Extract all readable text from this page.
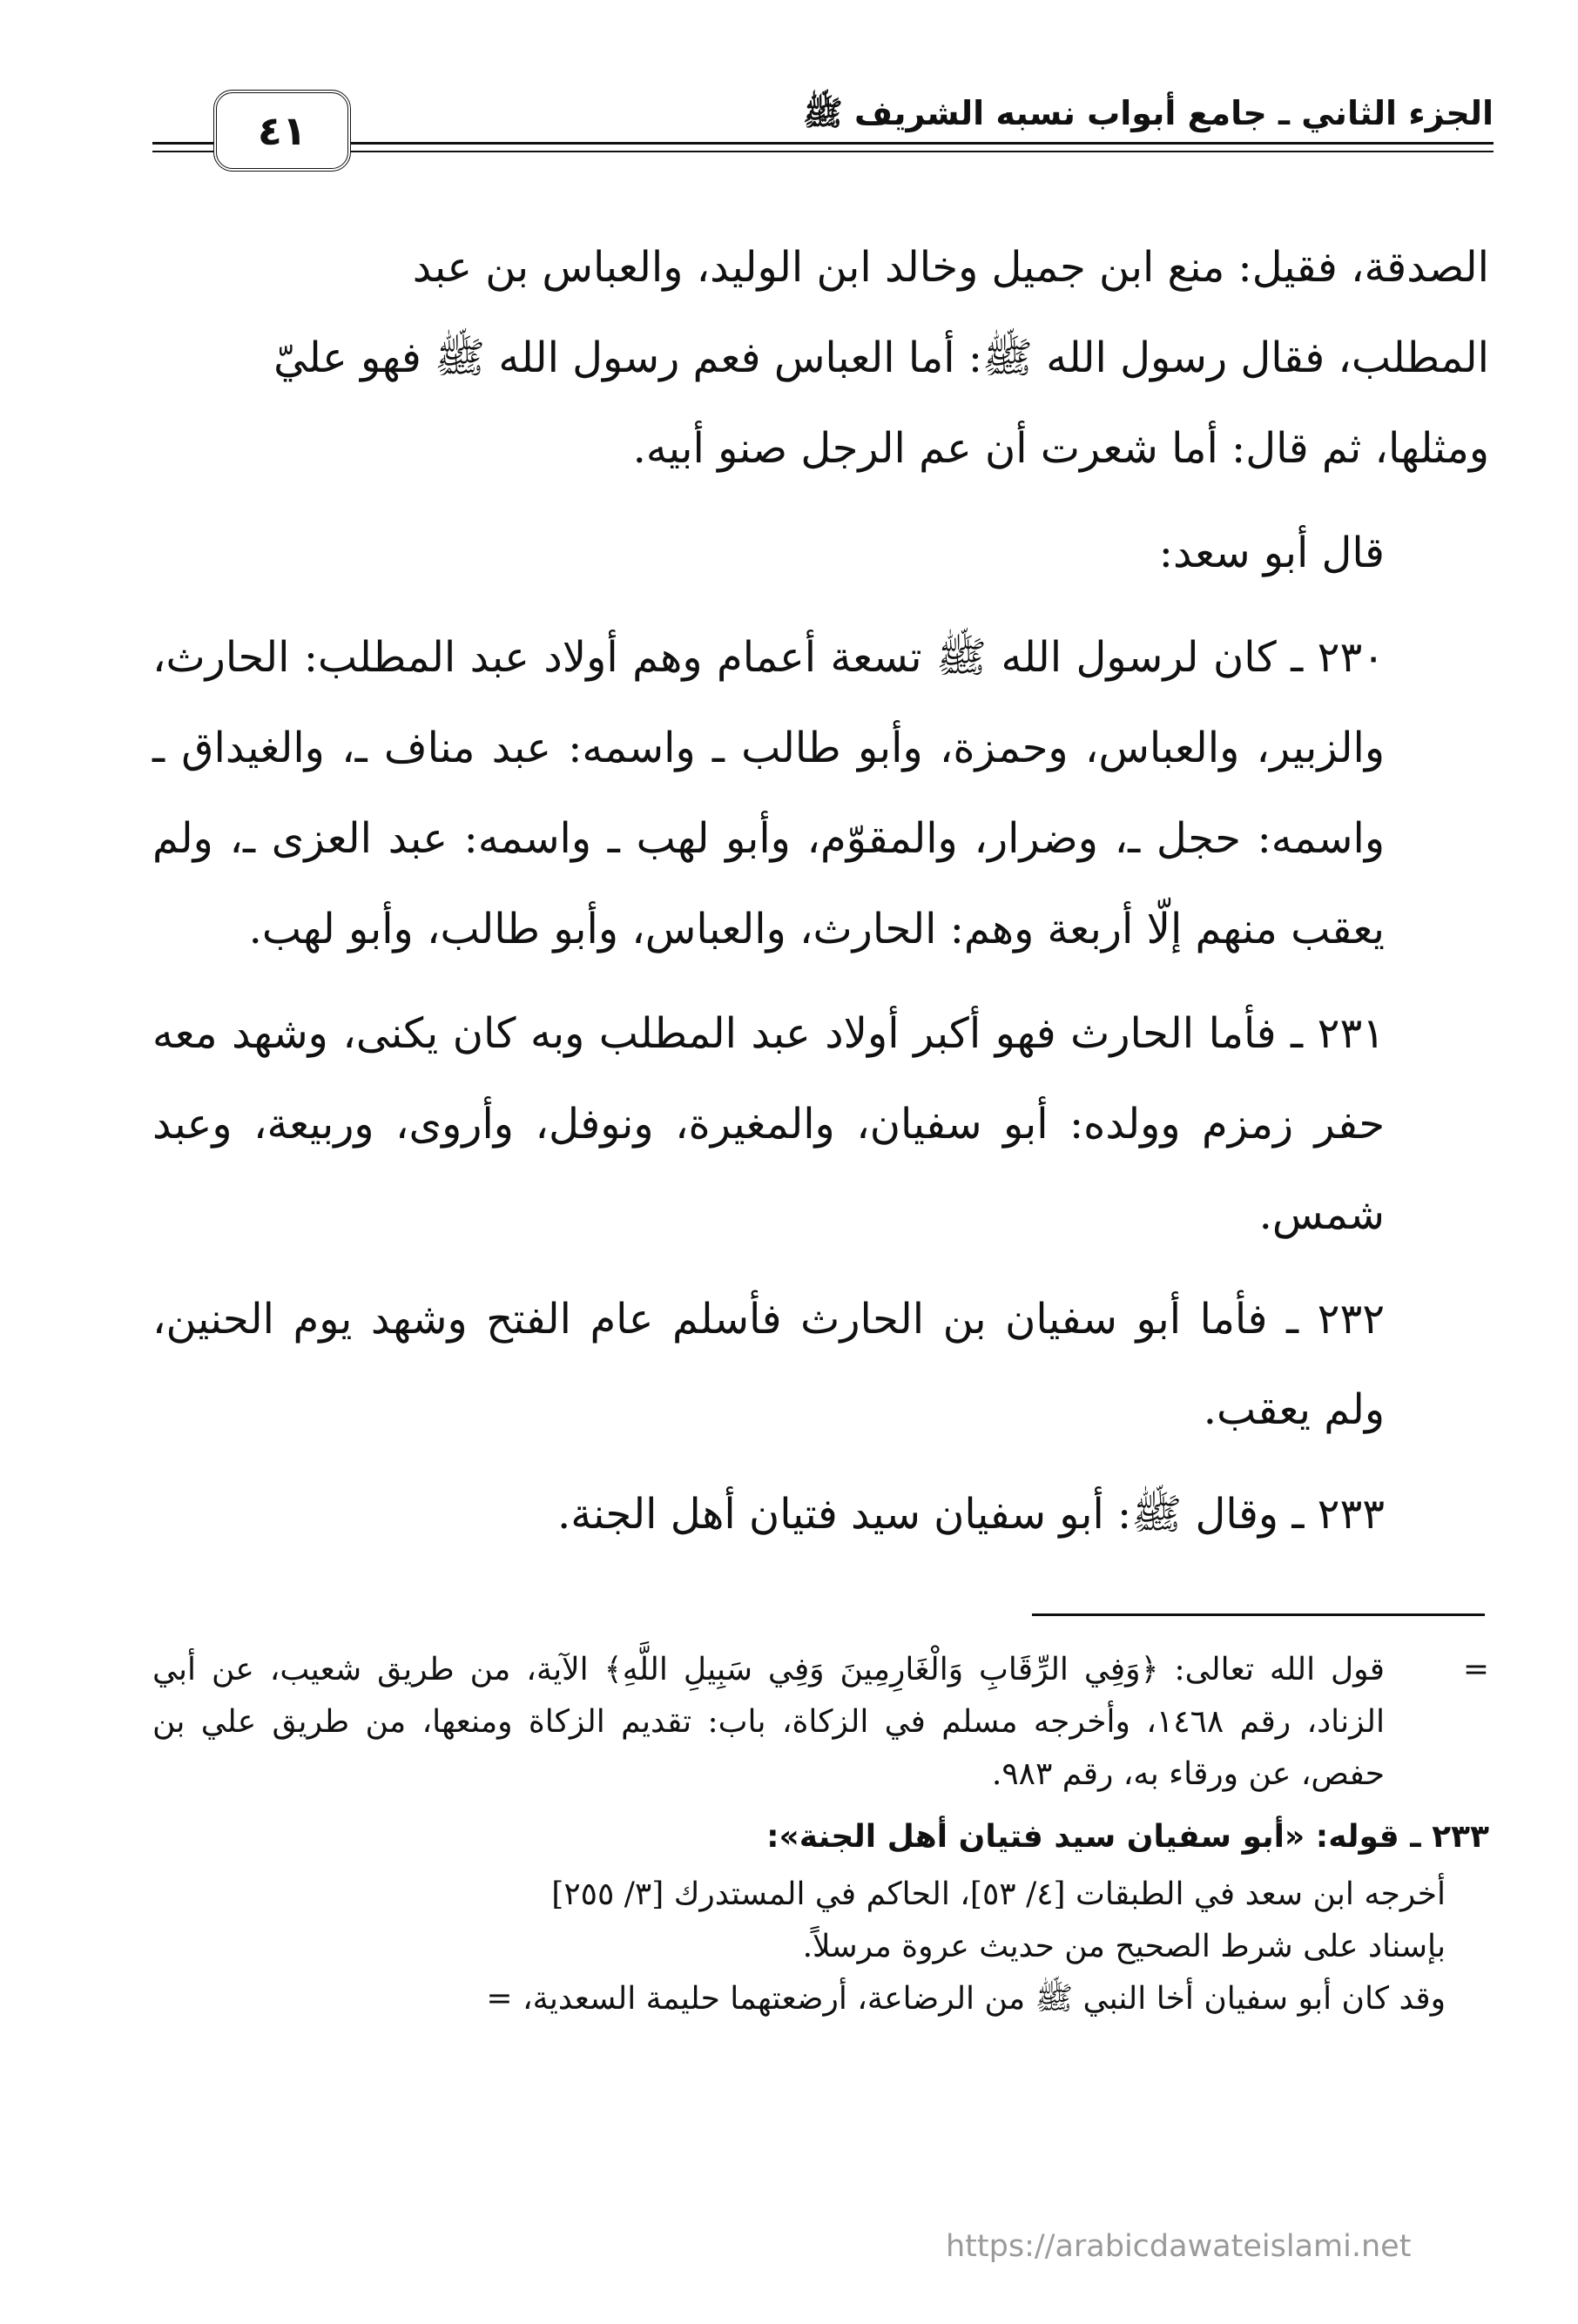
٤١	الجزء الثاني ـ جامع أبواب نسبه الشريف ﷺ

الصدقة، فقيل: منع ابن جميل وخالد ابن الوليد، والعباس بن عبد
المطلب، فقال رسول الله ﷺ: أما العباس فعم رسول الله ﷺ فهو عليّ
ومثلها، ثم قال: أما شعرت أن عم الرجل صنو أبيه.

قال أبو سعد:

٢٣٠ ـ كان لرسول الله ﷺ تسعة أعمام وهم أولاد عبد المطلب: الحارث، والزبير، والعباس، وحمزة، وأبو طالب ـ واسمه: عبد مناف ـ، والغيداق ـ واسمه: حجل ـ، وضرار، والمقوّم، وأبو لهب ـ واسمه: عبد العزى ـ، ولم يعقب منهم إلّا أربعة وهم: الحارث، والعباس، وأبو طالب، وأبو لهب.

٢٣١ ـ فأما الحارث فهو أكبر أولاد عبد المطلب وبه كان يكنى، وشهد معه حفر زمزم وولده: أبو سفيان، والمغيرة، ونوفل، وأروى، وربيعة، وعبد شمس.

٢٣٢ ـ فأما أبو سفيان بن الحارث فأسلم عام الفتح وشهد يوم الحنين، ولم يعقب.

٢٣٣ ـ وقال ﷺ: أبو سفيان سيد فتيان أهل الجنة.

=
قول الله تعالى: ﴿وَفِي الرِّقَابِ وَالْغَارِمِينَ وَفِي سَبِيلِ اللَّهِ﴾ الآية، من طريق شعيب، عن أبي الزناد، رقم ١٤٦٨، وأخرجه مسلم في الزكاة، باب: تقديم الزكاة ومنعها، من طريق علي بن حفص، عن ورقاء به، رقم ٩٨٣.

٢٣٣ ـ قوله: «أبو سفيان سيد فتيان أهل الجنة»:

أخرجه ابن سعد في الطبقات [٤/ ٥٣]، الحاكم في المستدرك [٣/ ٢٥٥]

بإسناد على شرط الصحيح من حديث عروة مرسلاً.

وقد كان أبو سفيان أخا النبي ﷺ من الرضاعة، أرضعتهما حليمة السعدية، =

https://arabicdawateislami.net
